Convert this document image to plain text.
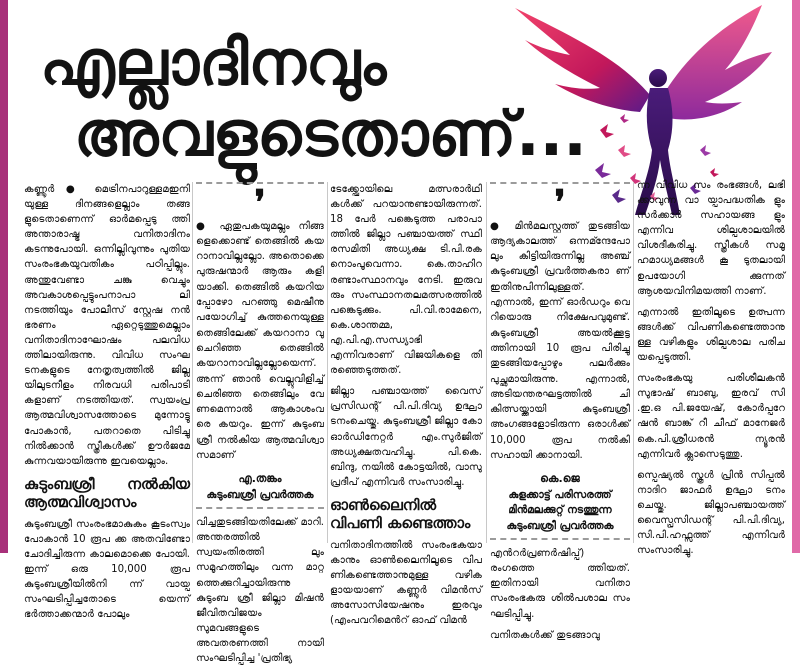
എല്ലാദിനവും
അവളുടെതാണ്...

കണ്ണൂർ ● മെട്രിനപാറുള്ളമഇനി യുള്ള ദിനങ്ങളെല്ലാം തങ്ങ ളുടെതാണെന്ന് ഓർമപ്പെടു ത്തി അന്താരാഷ്ട്ര വനിതാദിനം കടന്നുപോയി. ഒന്നില്ലിവുന്നും പുതിയ സംരംഭകയുവതികം പഠിപ്പില്ലും. അന്തുവേണ്ടാ ചങ്കു വെച്ചും അവകാശപ്പെട്ടുംപനാപാ ലി നടത്തിയും പോലീസ് സ്റ്റേഷ നൻ ഭരണം ഏറ്റെടുത്തുമെല്ലാം വനിതാദിനാഘോഷം പലവിധ ത്തിലായിരുന്നു. വിവിധ സംഘ ടനകളുടെ നേതൃത്വത്തിൽ ജില്ല യിലുടനീളം നിരവധി പരിപാടി കളാണ് നടത്തിയത്. സ്വയംപ്ര ആത്മവിശ്വാസത്തോടെ മുന്നോട്ടു പോകാൻ, പതറാതെ പിടിച്ചു നിൽക്കാൻ സ്ത്രീകൾക്ക് ഊർജമേ കുന്നവയായിരുന്നു ഇവയെല്ലാം.

കുടുംബശ്രീ നൽകിയ ആത്മവിശ്വാസം

കുടുംബശ്രീ സംരംഭമാകുകം കൂടംസ്വം പോകാൻ 10 രൂപ ക്ക അതവിണ്ടോ ചോദിച്ചിരുന്ന കാലമൊക്കെ പോയി. ഇന്ന് ഒരു 10,000 രൂപ കുടുംബശ്രീയിൽനി ന്ന് വായ്പ സംഘടിപ്പിച്ചതോടെ യെന്ന് ഭർത്താക്കന്മാർ പോലും

❜

● ഏതുപകയുമല്ലം നിങ്ങ ളെക്കൊണ്ട് തെങ്ങിൽ കയ റാനാവില്ലല്ലോ. അതൊക്കെ പുരുഷന്മാർ ആരും കളി യാക്കി. തെങ്ങിൽ കയറിയ പ്പോഴോ പറഞ്ഞു മെഷീനു പയോഗിച്ച് കുത്തനെയുള്ള തെങ്ങിലേക്ക് കയറാനാ വു ചെറിഞ്ഞ തെങ്ങിൽ കയറാനാവില്ലല്ലോയെന്ന്. അന്ന് ഞാൻ വെല്ലുവിളിച്ച് ചെരിഞ്ഞ തെങ്ങിലും വേ ണമെന്നാൽ ആകാശംവ രെ കയറും. ഇന്ന് കുടുംബ ശ്രീ നൽകിയ ആത്മവിശ്വാ സമാണ്

എ.തങ്കം
കുടുംബശ്രീ പ്രവർത്തക

വിച്ചതുടങ്ങിയതിലേക്ക് മാറി. അന്തരത്തിൽ സ്വയംതിരത്തി ലും സമൂഹത്തിലും വന്ന മാറ്റ ത്തെക്കുറിച്ചായിരുന്നു കുടുംബ ശ്രീ ജില്ലാ മിഷൻ ജീവിതവിജയം സുമവങ്ങളുടെ അവതരണത്തി നായി സംഘടിപ്പിച്ച 'പ്രതിഭ്യ

ടേക്ക്ഷോയിലെ മത്സരാർഥി കൾക്ക് പറയാനുണ്ടായിരുന്നത്. 18 പേർ പങ്കെടുത്ത പരാപാ ത്തിൽ ജില്ലാ പഞ്ചായത്ത് സ്ഥി രസമിതി അധ്യക്ഷ ടി.പി.രക നൊംപൂവെന്നാ. കെ.താഹിറ രണ്ടാംസ്ഥാനവും നേടി. ഇരുവ രും സംസ്ഥാനതലമത്സരത്തിൽ പങ്കെടുക്കും. പി.വി.രാമേനെ, കെ.ശാന്തമ്മ, എ.പി.എ.സന്ധ്യാഭി എന്നിവരാണ് വിജയികളെ തി രഞ്ഞെടുത്തത്.

ജില്ലാ പഞ്ചായത്ത് വൈസ് പ്രസിഡന്റ് പി.പി.ദിവ്യ ഉദ്ഘാ ടനംചെയ്തു. കുടുംബശ്രീ ജില്ലാ കോ ഓർഡിനേറ്റർ എം.സുർജിത് അധ്യക്ഷതവഹിച്ചു. പി.കെ. ബിന്ദു, നയിൽ കോട്ടയിൽ, വാസു പ്രദീപ് എന്നിവർ സംസാരിച്ചു.

ഓൺലൈനിൽ വിപണി കണ്ടെത്താം

വനിതാദിനത്തിൽ സംരംഭകയാ കാനും ഓൺലൈനിലൂടെ വിപ ണികണ്ടെത്താനുമുള്ള വഴിക ളായയാണ് കണ്ണൂർ വിമൻസ് അസോസിയേഷനും ഇരവും (എംപവറിമെൻറ് ഓഫ് വിമൻ

❜

● മിൻമലസ്റ്റത്ത് തുടങ്ങിയ ആദ്യകാലത്ത് ഒന്നമ്ന്ദേപോ ലും കിട്ടിയിരുന്നില്ല അഞ്ച് കുടുംബശ്രീ പ്രവർത്തകരാ ണ് ഇതിനുപിന്നിലുള്ളത്. എന്നാൽ, ഇന്ന് ഓർഡറും വെ റിയൊരു നിക്ഷേപവുമുണ്ട്. കുടുംബശ്രീ അയൽക്കൂട്ട ത്തിനായി 10 രൂപ പിരിച്ചു തുടങ്ങിയപ്പോഴും പലർക്കും പുച്ഛമായിരുന്നു. എന്നാൽ, അടിയന്തരഘട്ടത്തിൽ ചി കിത്സയ്ക്കായി കുടുംബശ്രീ അംഗങ്ങളോടിരുന്ന ഒരാൾക്ക് 10,000 രൂപ നൽകി സഹായി ക്കാനായി.

കെ.ജെ
കുളക്കാട്ട് പരിസരത്ത് മിൻമലക്കുറ്റ് നടത്തുന്ന
കുടുംബശ്രീ പ്രവർത്തക

എൻറർപ്രണർഷിപ്പ്) രംഗത്തെ ത്തിയത്. ഇതിനായി വനിതാ സംരംഭകരു ശിൽപശാല സം ഘടിപ്പിച്ചു.

വനിതകൾക്ക് തുടങ്ങാവു

ന്ന വിവിധ സം രംഭങ്ങൾ, ലഭി ക്കാവുന്ന വാ യ്പാപദ്ധതിക ളും സർക്കാർ സഹായങ്ങ ളും എന്നിവ ശില്പശാലയിൽ വിശദീകരിച്ചു. സ്ത്രീകൾ സമൂ ഹമാധ്യമങ്ങൾ കൂ ടുതലായി ഉപയോഗി ക്കുന്നത് ആശയവിനിമയത്തി നാണ്.

എന്നാൽ ഇതിലൂടെ ഉത്പന്ന ങ്ങൾക്ക് വിപണികണ്ടെത്താനു ള്ള വഴികളും ശില്പശാല പരിച യപ്പെടുത്തി.

സംരംഭകയു പരിശീലകൻ സുഭാഷ് ബാബു, ഇരവ് സി .ഇ.ഒ പി.ജയേഷ്, കോർപ്പറേ ഷൻ ബാങ്ക് റീ ചീഫ് മാനേജർ കെ.പി.ശ്രീധരൻ ന്യൂരൻ എന്നിവർ ക്ലാസെടുത്തു.

സ്പെഷ്യൽ സ്കൂൾ പ്രിൻ സിപ്പൽ നാദിറ ജാഫർ ഉദ്ഘാ ടനം ചെയ്തു. ജില്ലാപഞ്ചായത്ത് വൈസ്പ്രസിഡന്റ് പി.പി.ദിവ്യ, സി.പി.ഹഫ്സത്ത് എന്നിവർ സംസാരിച്ചു.
